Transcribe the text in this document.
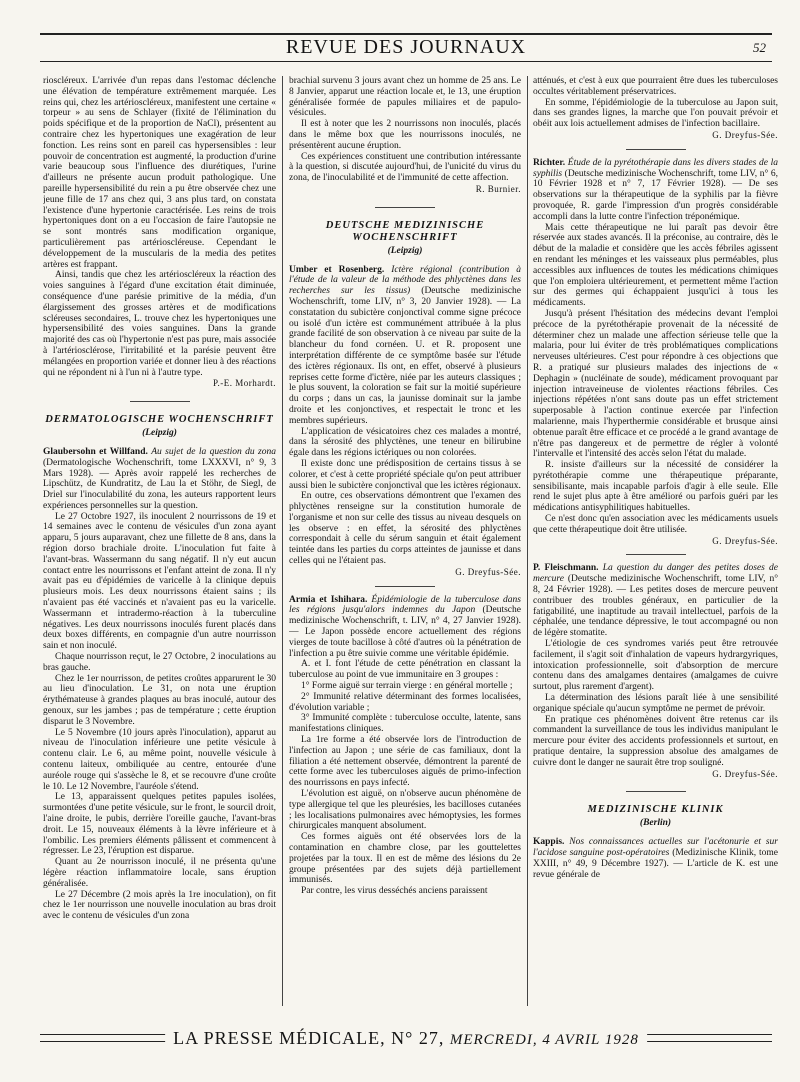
REVUE DES JOURNAUX	52

rioscléreux. L'arrivée d'un repas dans l'estomac déclenche une élévation de température extrêmement marquée. Les reins qui, chez les artérioscléreux, manifestent une certaine « torpeur » au sens de Schlayer (fixité de l'élimination du poids spécifique et de la proportion de NaCl), présentent au contraire chez les hypertoniques une exagération de leur fonction. Les reins sont en pareil cas hypersensibles : leur pouvoir de concentration est augmenté, la production d'urine varie beaucoup sous l'influence des diurétiques, l'urine d'ailleurs ne présente aucun produit pathologique. Une pareille hypersensibilité du rein a pu être observée chez une jeune fille de 17 ans chez qui, 3 ans plus tard, on constata l'existence d'une hypertonie caractérisée. Les reins de trois hypertoniques dont on a eu l'occasion de faire l'autopsie ne se sont montrés sans modification organique, particulièrement pas artérioscléreuse. Cependant le développement de la muscularis de la media des petites artères est frappant.

Ainsi, tandis que chez les artérioscléreux la réaction des voies sanguines à l'égard d'une excitation était diminuée, conséquence d'une parésie primitive de la média, d'un élargissement des grosses artères et de modifications scléreuses secondaires, L. trouve chez les hypertoniques une hypersensibilité des voies sanguines. Dans la grande majorité des cas où l'hypertonie n'est pas pure, mais associée à l'artériosclérose, l'irritabilité et la parésie peuvent être mélangées en proportion variée et donner lieu à des réactions qui ne répondent ni à l'un ni à l'autre type.

P.-E. Morhardt.

DERMATOLOGISCHE WOCHENSCHRIFT
(Leipzig)

Glaubersohn et Willfand. Au sujet de la question du zona (Dermatologische Wochenschrift, tome LXXXVI, n° 9, 3 Mars 1928). — Après avoir rappelé les recherches de Lipschütz, de Kundratitz, de Lau la et Stöhr, de Siegl, de Driel sur l'inoculabilité du zona, les auteurs rapportent leurs expériences personnelles sur la question.

Le 27 Octobre 1927, ils inoculent 2 nourrissons de 19 et 14 semaines avec le contenu de vésicules d'un zona ayant apparu, 5 jours auparavant, chez une fillette de 8 ans, dans la région dorso brachiale droite. L'inoculation fut faite à l'avant-bras. Wassermann du sang négatif. Il n'y eut aucun contact entre les nourrissons et l'enfant atteint de zona. Il n'y avait pas eu d'épidémies de varicelle à la clinique depuis plusieurs mois. Les deux nourrissons étaient sains ; ils n'avaient pas été vaccinés et n'avaient pas eu la varicelle. Wassermann et intradermo-réaction à la tuberculine négatives. Les deux nourrissons inoculés furent placés dans deux boxes différents, en compagnie d'un autre nourrisson sain et non inoculé.

Chaque nourrisson reçut, le 27 Octobre, 2 inoculations au bras gauche.

Chez le 1er nourrisson, de petites croûtes apparurent le 30 au lieu d'inoculation. Le 31, on nota une éruption érythémateuse à grandes plaques au bras inoculé, autour des genoux, sur les jambes ; pas de température ; cette éruption disparut le 3 Novembre.

Le 5 Novembre (10 jours après l'inoculation), apparut au niveau de l'inoculation inférieure une petite vésicule à contenu clair. Le 6, au même point, nouvelle vésicule à contenu laiteux, ombiliquée au centre, entourée d'une auréole rouge qui s'assèche le 8, et se recouvre d'une croûte le 10. Le 12 Novembre, l'auréole s'étend.

Le 13, apparaissent quelques petites papules isolées, surmontées d'une petite vésicule, sur le front, le sourcil droit, l'aine droite, le pubis, derrière l'oreille gauche, l'avant-bras droit. Le 15, nouveaux éléments à la lèvre inférieure et à l'ombilic. Les premiers éléments pâlissent et commencent à régresser. Le 23, l'éruption est disparue.

Quant au 2e nourrisson inoculé, il ne présenta qu'une légère réaction inflammatoire locale, sans éruption généralisée.

Le 27 Décembre (2 mois après la 1re inoculation), on fit chez le 1er nourrisson une nouvelle inoculation au bras droit avec le contenu de vésicules d'un zona

brachial survenu 3 jours avant chez un homme de 25 ans. Le 8 Janvier, apparut une réaction locale et, le 13, une éruption généralisée formée de papules miliaires et de papulo-vésicules.

Il est à noter que les 2 nourrissons non inoculés, placés dans le même box que les nourrissons inoculés, ne présentèrent aucune éruption.

Ces expériences constituent une contribution intéressante à la question, si discutée aujourd'hui, de l'unicité du virus du zona, de l'inoculabilité et de l'immunité de cette affection.

R. Burnier.

DEUTSCHE MEDIZINISCHE WOCHENSCHRIFT
(Leipzig)

Umber et Rosenberg. Ictère régional (contribution à l'étude de la valeur de la méthode des phlyctènes dans les recherches sur les tissus) (Deutsche medizinische Wochenschrift, tome LIV, n° 3, 20 Janvier 1928). — La constatation du subictère conjonctival comme signe précoce ou isolé d'un ictère est communément attribuée à la plus grande facilité de son observation à ce niveau par suite de la blancheur du fond cornéen. U. et R. proposent une interprétation différente de ce symptôme basée sur l'étude des ictères régionaux. Ils ont, en effet, observé à plusieurs reprises cette forme d'ictère, niée par les auteurs classiques ; le plus souvent, la coloration se fait sur la moitié supérieure du corps ; dans un cas, la jaunisse dominait sur la jambe droite et les conjonctives, et respectait le tronc et les membres supérieurs.

L'application de vésicatoires chez ces malades a montré, dans la sérosité des phlyctènes, une teneur en bilirubine égale dans les régions ictériques ou non colorées.

Il existe donc une prédisposition de certains tissus à se colorer, et c'est à cette propriété spéciale qu'on peut attribuer aussi bien le subictère conjonctival que les ictères régionaux.

En outre, ces observations démontrent que l'examen des phlyctènes renseigne sur la constitution humorale de l'organisme et non sur celle des tissus au niveau desquels on les observe : en effet, la sérosité des phlyctènes correspondait à celle du sérum sanguin et était également teintée dans les parties du corps atteintes de jaunisse et dans celles qui ne l'étaient pas.

G. Dreyfus-Sée.

Armia et Ishihara. Épidémiologie de la tuberculose dans les régions jusqu'alors indemnes du Japon (Deutsche medizinische Wochenschrift, t. LIV, n° 4, 27 Janvier 1928). — Le Japon possède encore actuellement des régions vierges de toute bacillose à côté d'autres où la pénétration de l'infection a pu être suivie comme une véritable épidémie.

A. et I. font l'étude de cette pénétration en classant la tuberculose au point de vue immunitaire en 3 groupes :

1° Forme aiguë sur terrain vierge : en général mortelle ;

2° Immunité relative déterminant des formes localisées, d'évolution variable ;

3° Immunité complète : tuberculose occulte, latente, sans manifestations cliniques.

La 1re forme a été observée lors de l'introduction de l'infection au Japon ; une série de cas familiaux, dont la filiation a été nettement observée, démontrent la parenté de cette forme avec les tuberculoses aiguës de primo-infection des nourrissons en pays infecté.

L'évolution est aiguë, on n'observe aucun phénomène de type allergique tel que les pleurésies, les bacilloses cutanées ; les localisations pulmonaires avec hémoptysies, les formes chirurgicales manquent absolument.

Ces formes aiguës ont été observées lors de la contamination en chambre close, par les gouttelettes projetées par la toux. Il en est de même des lésions du 2e groupe présentées par des sujets déjà partiellement immunisés.

Par contre, les virus desséchés anciens paraissent

atténués, et c'est à eux que pourraient être dues les tuberculoses occultes véritablement préservatrices.

En somme, l'épidémiologie de la tuberculose au Japon suit, dans ses grandes lignes, la marche que l'on pouvait prévoir et obéit aux lois actuellement admises de l'infection bacillaire.

G. Dreyfus-Sée.

Richter. Étude de la pyrétothérapie dans les divers stades de la syphilis (Deutsche medizinische Wochenschrift, tome LIV, n° 6, 10 Février 1928 et n° 7, 17 Février 1928). — De ses observations sur la thérapeutique de la syphilis par la fièvre provoquée, R. garde l'impression d'un progrès considérable accompli dans la lutte contre l'infection tréponémique.

Mais cette thérapeutique ne lui paraît pas devoir être réservée aux stades avancés. Il la préconise, au contraire, dès le début de la maladie et considère que les accès fébriles agissent en rendant les méninges et les vaisseaux plus perméables, plus accessibles aux influences de toutes les médications chimiques que l'on emploiera ultérieurement, et permettent même l'action sur des germes qui échappaient jusqu'ici à tous les médicaments.

Jusqu'à présent l'hésitation des médecins devant l'emploi précoce de la pyrétothérapie provenait de la nécessité de déterminer chez un malade une affection sérieuse telle que la malaria, pour lui éviter de très problématiques complications nerveuses ultérieures. C'est pour répondre à ces objections que R. a pratiqué sur plusieurs malades des injections de « Dephagin » (nucléinate de soude), médicament provoquant par injection intraveineuse de violentes réactions fébriles. Ces injections répétées n'ont sans doute pas un effet strictement superposable à l'action continue exercée par l'infection malarienne, mais l'hyperthermie considérable et brusque ainsi obtenue paraît être efficace et ce procédé a le grand avantage de n'être pas dangereux et de permettre de régler à volonté l'intervalle et l'intensité des accès selon l'état du malade.

R. insiste d'ailleurs sur la nécessité de considérer la pyrétothérapie comme une thérapeutique préparante, sensibilisante, mais incapable parfois d'agir à elle seule. Elle rend le sujet plus apte à être amélioré ou parfois guéri par les médications antisyphilitiques habituelles.

Ce n'est donc qu'en association avec les médicaments usuels que cette thérapeutique doit être utilisée.

G. Dreyfus-Sée.

P. Fleischmann. La question du danger des petites doses de mercure (Deutsche medizinische Wochenschrift, tome LIV, n° 8, 24 Février 1928). — Les petites doses de mercure peuvent contribuer des troubles généraux, en particulier de la fatigabilité, une inaptitude au travail intellectuel, parfois de la céphalée, une tendance dépressive, le tout accompagné ou non de légère stomatite.

L'étiologie de ces syndromes variés peut être retrouvée facilement, il s'agit soit d'inhalation de vapeurs hydrargyriques, intoxication professionnelle, soit d'absorption de mercure contenu dans des amalgames dentaires (amalgames de cuivre surtout, plus rarement d'argent).

La détermination des lésions paraît liée à une sensibilité organique spéciale qu'aucun symptôme ne permet de prévoir.

En pratique ces phénomènes doivent être retenus car ils commandent la surveillance de tous les individus manipulant le mercure pour éviter des accidents professionnels et surtout, en pratique dentaire, la suppression absolue des amalgames de cuivre dont le danger ne saurait être trop souligné.

G. Dreyfus-Sée.

MEDIZINISCHE KLINIK
(Berlin)

Kappis. Nos connaissances actuelles sur l'acétonurie et sur l'acidose sanguine post-opératoires (Medizinische Klinik, tome XXIII, n° 49, 9 Décembre 1927). — L'article de K. est une revue générale de

LA PRESSE MÉDICALE, N° 27, MERCREDI, 4 AVRIL 1928
